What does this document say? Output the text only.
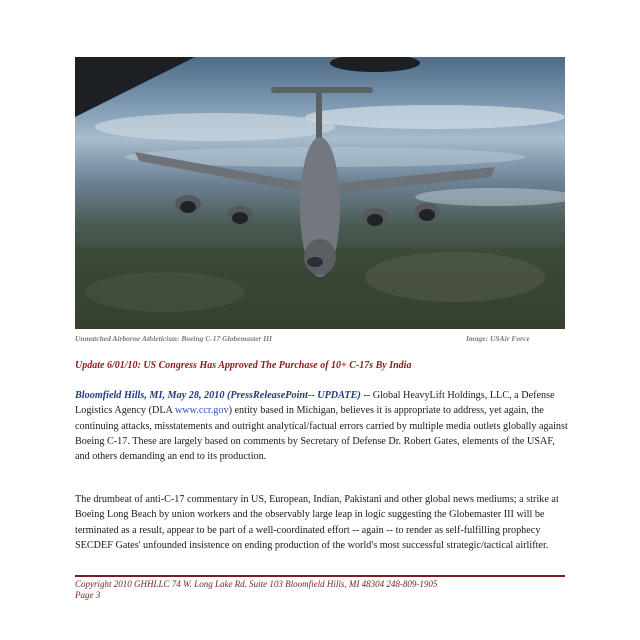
Unmatched Airborne Athleticism: Boeing C-17 Globemaster III	Image: USAir Force
Update 6/01/10: US Congress Has Approved The Purchase of 10+ C-17s By India

Bloomfield Hills, MI, May 28, 2010 (PressReleasePoint-- UPDATE) -- Global HeavyLift Holdings, LLC, a Defense Logistics Agency (DLA www.ccr.gov) entity based in Michigan, believes it is appropriate to address, yet again, the continuing attacks, misstatements and outright analytical/factual errors carried by multiple media outlets globally against Boeing C-17. These are largely based on comments by Secretary of Defense Dr. Robert Gates, elements of the USAF, and others demanding an end to its production.

The drumbeat of anti-C-17 commentary in US, European, Indian, Pakistani and other global news mediums; a strike at Boeing Long Beach by union workers and the observably large leap in logic suggesting the Globemaster III will be terminated as a result, appear to be part of a well-coordinated effort -- again -- to render as self-fulfilling prophecy SECDEF Gates' unfounded insistence on ending production of the world's most successful strategic/tactical airlifter.

Copyright 2010 GHHLLC 74 W. Long Lake Rd. Suite 103 Bloomfield Hills, MI 48304 248-809-1905
Page 3
